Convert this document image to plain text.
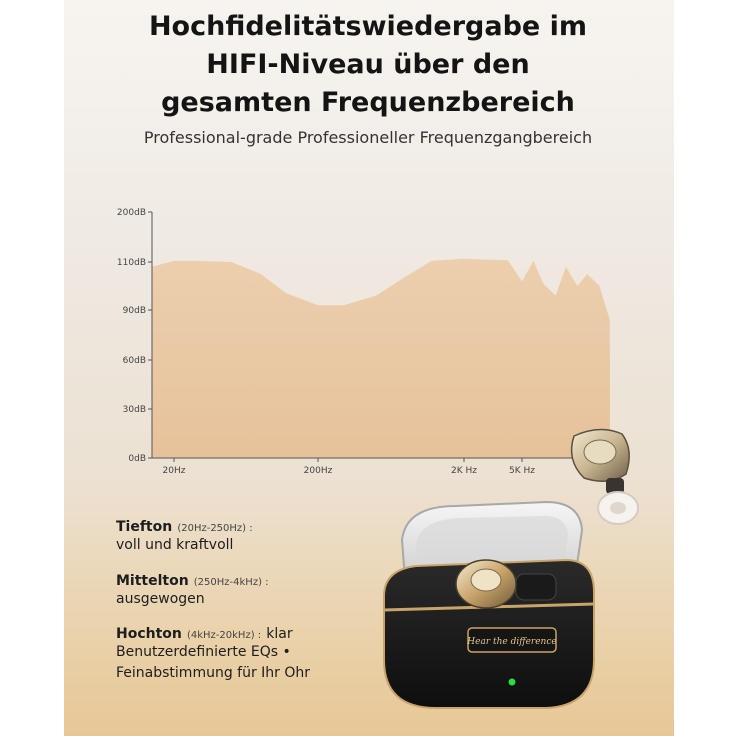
Hochfidelitätswiedergabe im
HIFI-Niveau über den
gesamten Frequenzbereich
Professional-grade Professioneller Frequenzgangbereich
200dB
110dB
90dB
60dB
30dB
0dB
20Hz	200Hz	2K Hz	5K Hz
Tiefton (20Hz-250Hz) :
voll und kraftvoll
Mittelton (250Hz-4kHz) :
ausgewogen
Hochton (4kHz-20kHz) : klar
Benutzerdefinierte EQs •
Feinabstimmung für Ihr Ohr
Hear the difference
